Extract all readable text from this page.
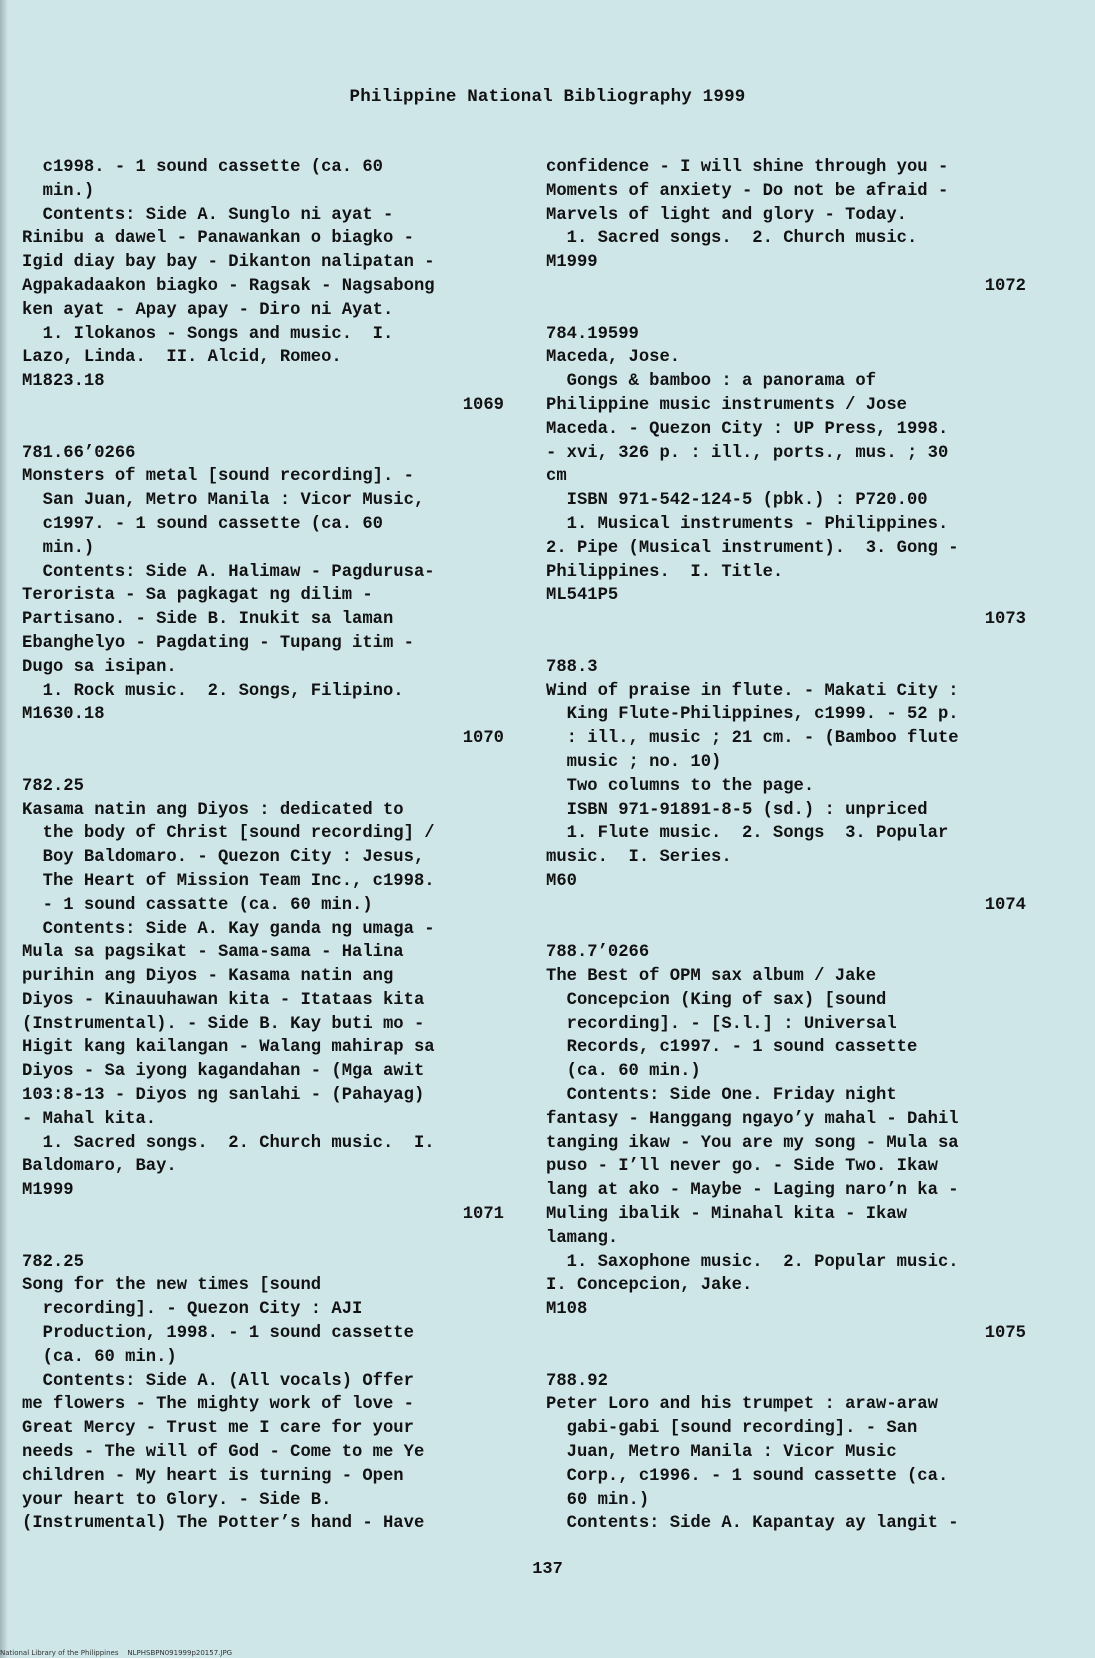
Philippine National Bibliography 1999
c1998. - 1 sound cassette (ca. 60
min.)
Contents: Side A. Sunglo ni ayat -
Rinibu a dawel - Panawankan o biagko -
Igid diay bay bay - Dikanton nalipatan -
Agpakadaakon biagko - Ragsak - Nagsabong
ken ayat - Apay apay - Diro ni Ayat.
1. Ilokanos - Songs and music.  I.
Lazo, Linda.  II. Alcid, Romeo.
M1823.18
1069
781.66’0266
Monsters of metal [sound recording]. -
San Juan, Metro Manila : Vicor Music,
c1997. - 1 sound cassette (ca. 60
min.)
Contents: Side A. Halimaw - Pagdurusa-
Terorista - Sa pagkagat ng dilim -
Partisano. - Side B. Inukit sa laman
Ebanghelyo - Pagdating - Tupang itim -
Dugo sa isipan.
1. Rock music.  2. Songs, Filipino.
M1630.18
1070
782.25
Kasama natin ang Diyos : dedicated to
the body of Christ [sound recording] /
Boy Baldomaro. - Quezon City : Jesus,
The Heart of Mission Team Inc., c1998.
- 1 sound cassatte (ca. 60 min.)
Contents: Side A. Kay ganda ng umaga -
Mula sa pagsikat - Sama-sama - Halina
purihin ang Diyos - Kasama natin ang
Diyos - Kinauuhawan kita - Itataas kita
(Instrumental). - Side B. Kay buti mo -
Higit kang kailangan - Walang mahirap sa
Diyos - Sa iyong kagandahan - (Mga awit
103:8-13 - Diyos ng sanlahi - (Pahayag)
- Mahal kita.
1. Sacred songs.  2. Church music.  I.
Baldomaro, Bay.
M1999
1071
782.25
Song for the new times [sound
recording]. - Quezon City : AJI
Production, 1998. - 1 sound cassette
(ca. 60 min.)
Contents: Side A. (All vocals) Offer
me flowers - The mighty work of love -
Great Mercy - Trust me I care for your
needs - The will of God - Come to me Ye
children - My heart is turning - Open
your heart to Glory. - Side B.
(Instrumental) The Potter’s hand - Have
confidence - I will shine through you -
Moments of anxiety - Do not be afraid -
Marvels of light and glory - Today.
1. Sacred songs.  2. Church music.
M1999
1072
784.19599
Maceda, Jose.
Gongs & bamboo : a panorama of
Philippine music instruments / Jose
Maceda. - Quezon City : UP Press, 1998.
- xvi, 326 p. : ill., ports., mus. ; 30
cm
ISBN 971-542-124-5 (pbk.) : P720.00
1. Musical instruments - Philippines.
2. Pipe (Musical instrument).  3. Gong -
Philippines.  I. Title.
ML541P5
1073
788.3
Wind of praise in flute. - Makati City :
King Flute-Philippines, c1999. - 52 p.
: ill., music ; 21 cm. - (Bamboo flute
music ; no. 10)
Two columns to the page.
ISBN 971-91891-8-5 (sd.) : unpriced
1. Flute music.  2. Songs  3. Popular
music.  I. Series.
M60
1074
788.7’0266
The Best of OPM sax album / Jake
Concepcion (King of sax) [sound
recording]. - [S.l.] : Universal
Records, c1997. - 1 sound cassette
(ca. 60 min.)
Contents: Side One. Friday night
fantasy - Hanggang ngayo’y mahal - Dahil
tanging ikaw - You are my song - Mula sa
puso - I’ll never go. - Side Two. Ikaw
lang at ako - Maybe - Laging naro’n ka -
Muling ibalik - Minahal kita - Ikaw
lamang.
1. Saxophone music.  2. Popular music.
I. Concepcion, Jake.
M108
1075
788.92
Peter Loro and his trumpet : araw-araw
gabi-gabi [sound recording]. - San
Juan, Metro Manila : Vicor Music
Corp., c1996. - 1 sound cassette (ca.
60 min.)
Contents: Side A. Kapantay ay langit -
137
National Library of the Philippines    NLPHSBPN091999p20157.JPG
